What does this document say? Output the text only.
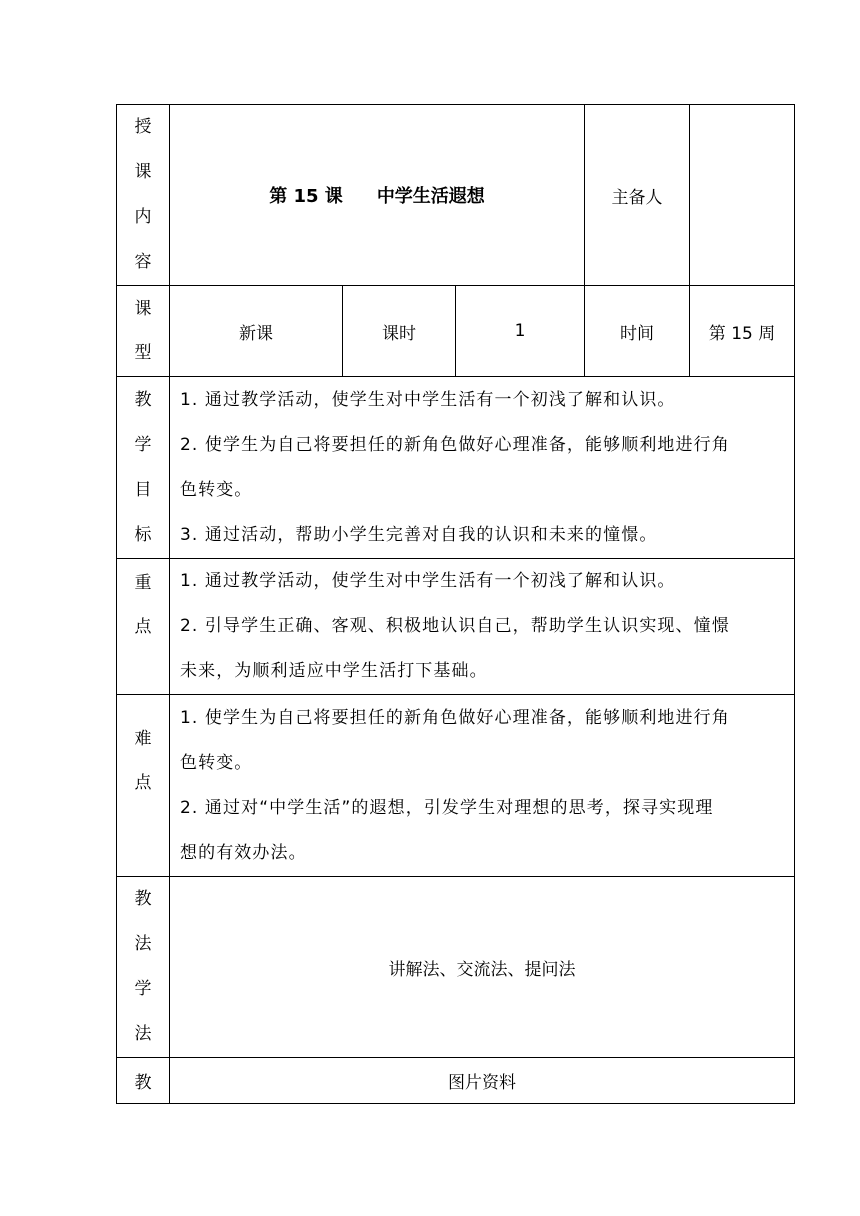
授
课
内
容	第 15 课 中学生活遐想			主备人	

课
型	新课	课时	1	时间	第 15 周

教
学
目
标	1. 通过教学活动，使学生对中学生活有一个初浅了解和认识。
2. 使学生为自己将要担任的新角色做好心理准备，能够顺利地进行角
色转变。
3. 通过活动，帮助小学生完善对自我的认识和未来的憧憬。				

重
点	1. 通过教学活动，使学生对中学生活有一个初浅了解和认识。
2. 引导学生正确、客观、积极地认识自己，帮助学生认识实现、憧憬
未来，为顺利适应中学生活打下基础。				

难
点	1. 使学生为自己将要担任的新角色做好心理准备，能够顺利地进行角
色转变。
2. 通过对“中学生活”的遐想，引发学生对理想的思考，探寻实现理
想的有效办法。				

教
法
学
法	讲解法、交流法、提问法				

教	图片资料				
